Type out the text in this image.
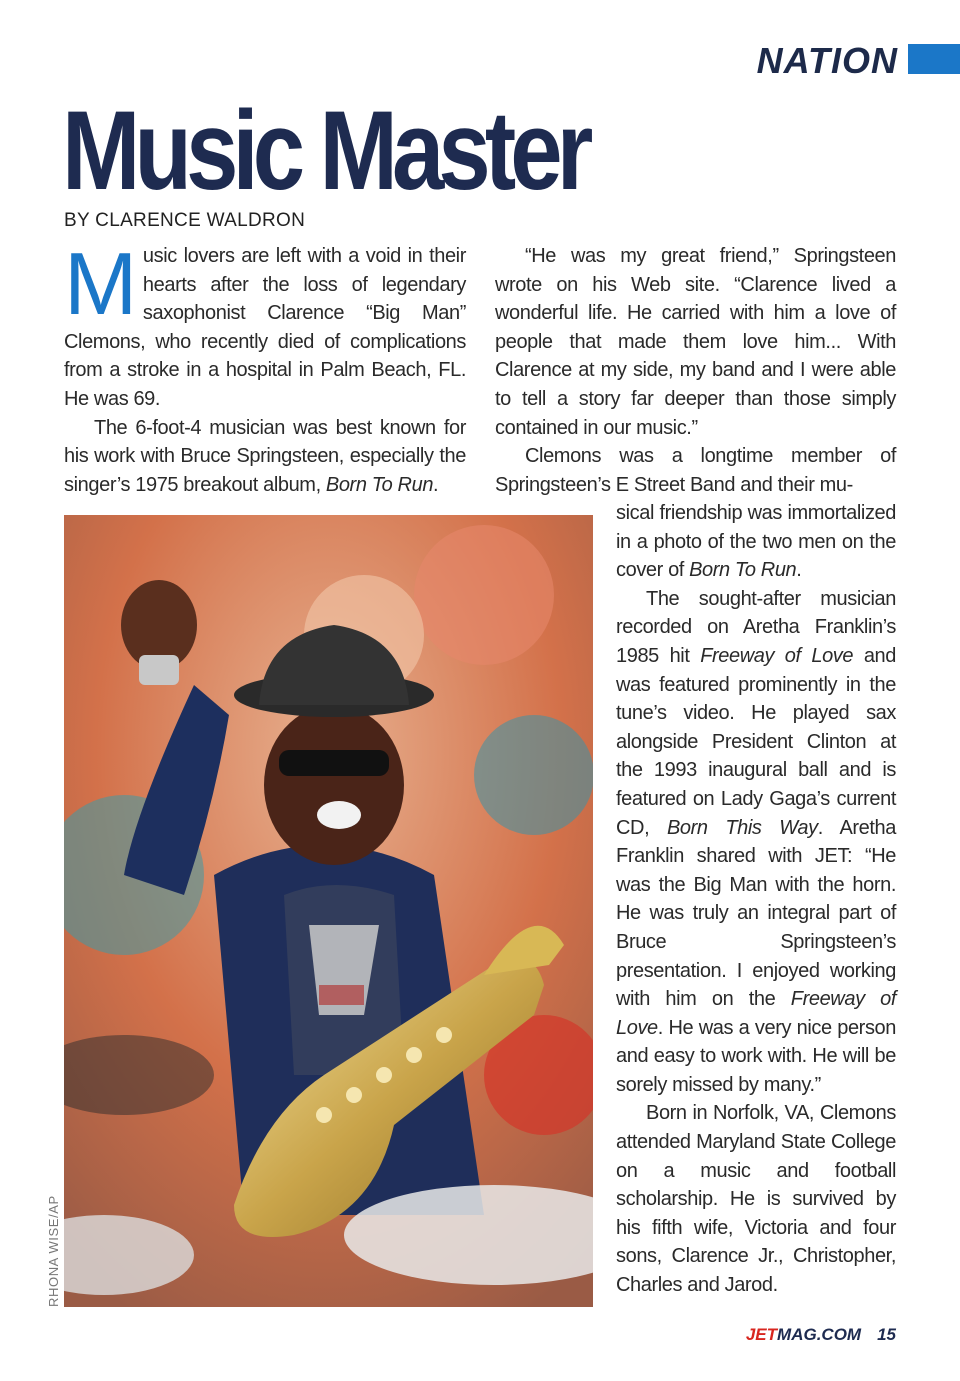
NATION
Music Master
BY CLARENCE WALDRON

Music lovers are left with a void in their hearts after the loss of legendary saxophonist Clarence “Big Man” Clemons, who recently died of complications from a stroke in a hospital in Palm Beach, FL. He was 69.

The 6-foot-4 musician was best known for his work with Bruce Springsteen, especially the singer’s 1975 breakout album, Born To Run.

“He was my great friend,” Springsteen wrote on his Web site. “Clarence lived a wonderful life. He carried with him a love of people that made them love him... With Clarence at my side, my band and I were able to tell a story far deeper than those simply contained in our music.”

Clemons was a longtime member of Springsteen’s E Street Band and their mu-

sical friendship was immortalized in a photo of the two men on the cover of Born To Run.

The sought-after musician recorded on Aretha Franklin’s 1985 hit Freeway of Love and was featured prominently in the tune’s video. He played sax alongside President Clinton at the 1993 inaugural ball and is featured on Lady Gaga’s current CD, Born This Way. Aretha Franklin shared with JET: “He was the Big Man with the horn. He was truly an integral part of Bruce Springsteen’s presentation. I enjoyed working with him on the Freeway of Love. He was a very nice person and easy to work with. He will be sorely missed by many.”

Born in Norfolk, VA, Clemons attended Maryland State College on a music and football scholarship. He is survived by his fifth wife, Victoria and four sons, Clarence Jr., Christopher, Charles and Jarod.

RHONA WISE/AP
JETMAG.COM 15
